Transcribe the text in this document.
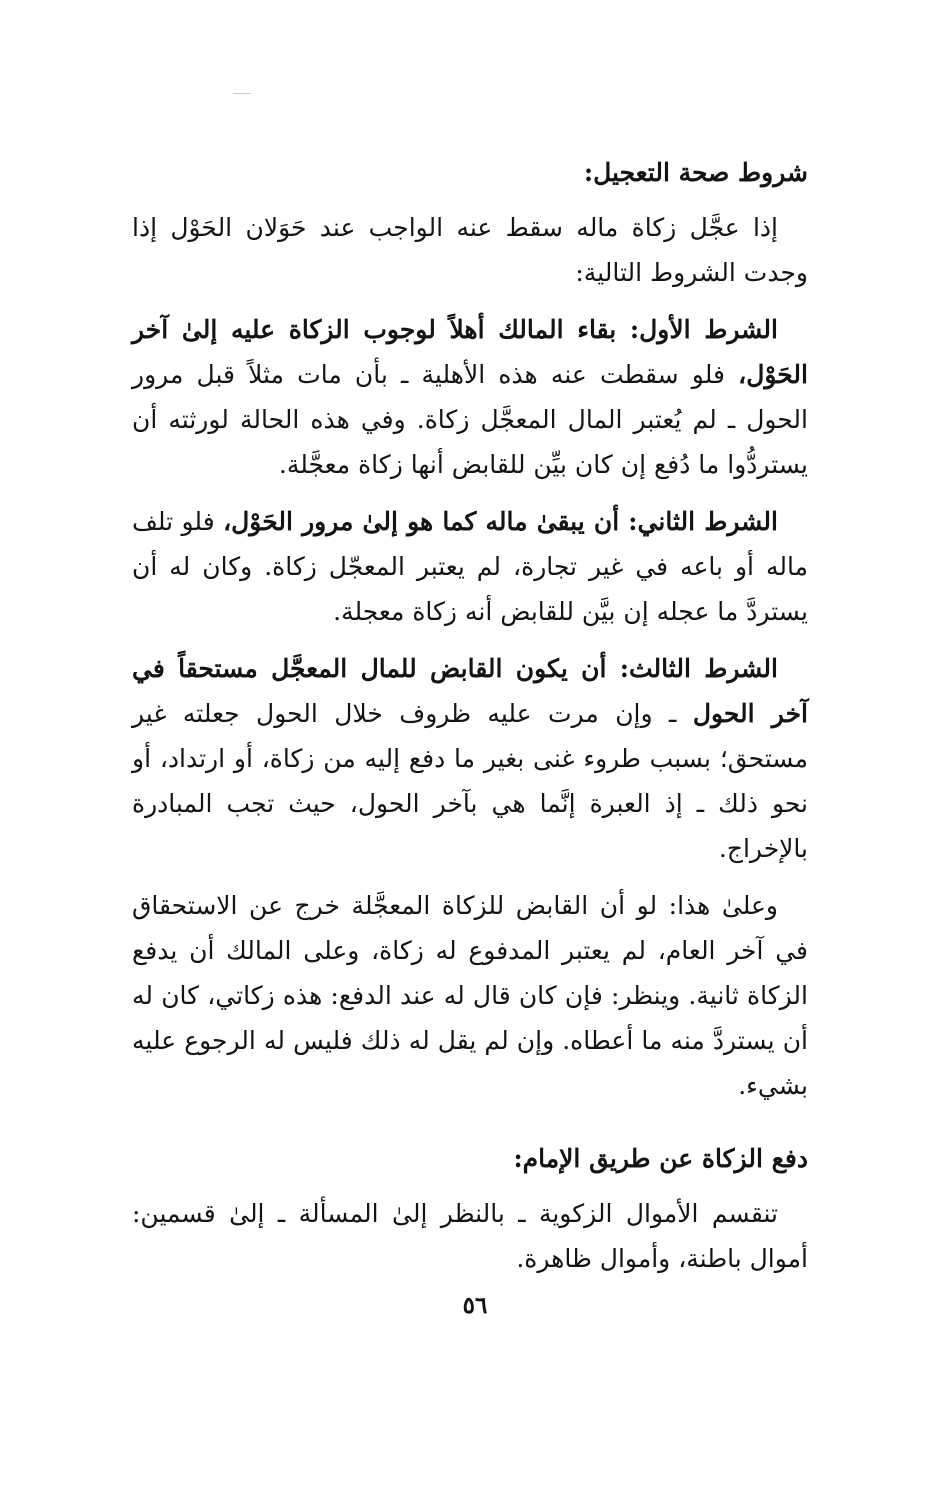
شروط صحة التعجيل:

إذا عجَّل زكاة ماله سقط عنه الواجب عند حَوَلان الحَوْل إذا وجدت الشروط التالية:

الشرط الأول: بقاء المالك أهلاً لوجوب الزكاة عليه إلىٰ آخر الحَوْل، فلو سقطت عنه هذه الأهلية ـ بأن مات مثلاً قبل مرور الحول ـ لم يُعتبر المال المعجَّل زكاة. وفي هذه الحالة لورثته أن يستردُّوا ما دُفع إن كان بيِّن للقابض أنها زكاة معجَّلة.

الشرط الثاني: أن يبقىٰ ماله كما هو إلىٰ مرور الحَوْل، فلو تلف ماله أو باعه في غير تجارة، لم يعتبر المعجّل زكاة. وكان له أن يستردَّ ما عجله إن بيَّن للقابض أنه زكاة معجلة.

الشرط الثالث: أن يكون القابض للمال المعجَّل مستحقاً في آخر الحول ـ وإن مرت عليه ظروف خلال الحول جعلته غير مستحق؛ بسبب طروء غنى بغير ما دفع إليه من زكاة، أو ارتداد، أو نحو ذلك ـ إذ العبرة إنَّما هي بآخر الحول، حيث تجب المبادرة بالإخراج.

وعلىٰ هذا: لو أن القابض للزكاة المعجَّلة خرج عن الاستحقاق في آخر العام، لم يعتبر المدفوع له زكاة، وعلى المالك أن يدفع الزكاة ثانية. وينظر: فإن كان قال له عند الدفع: هذه زكاتي، كان له أن يستردَّ منه ما أعطاه. وإن لم يقل له ذلك فليس له الرجوع عليه بشيء.

دفع الزكاة عن طريق الإمام:

تنقسم الأموال الزكوية ـ بالنظر إلىٰ المسألة ـ إلىٰ قسمين: أموال باطنة، وأموال ظاهرة.

٥٦
